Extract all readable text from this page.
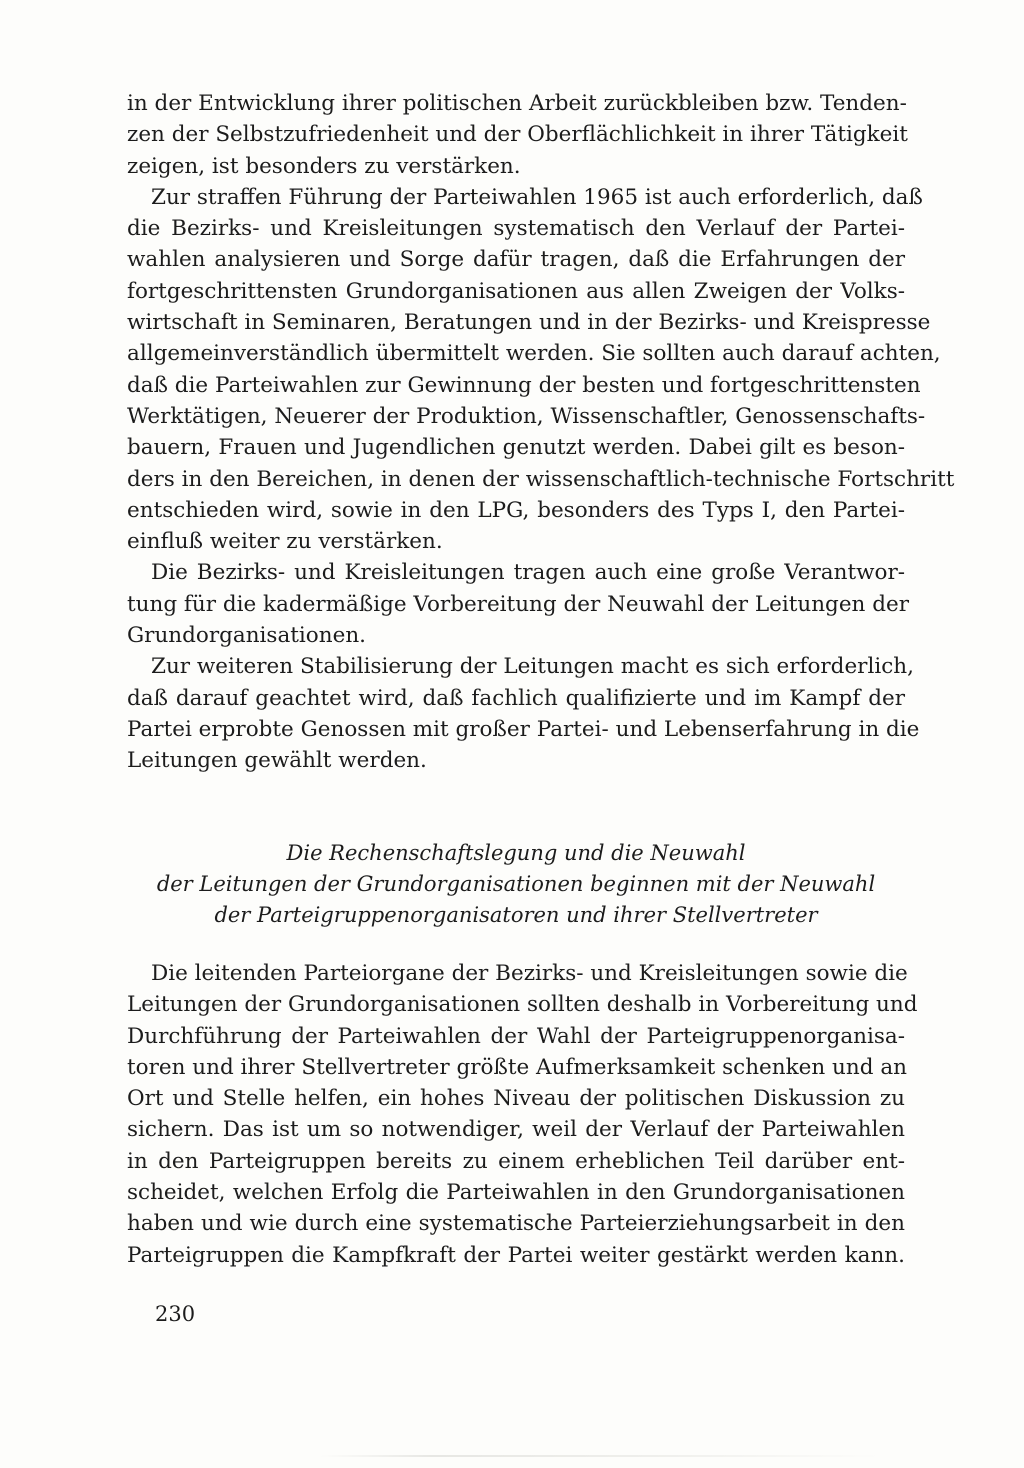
in der Entwicklung ihrer politischen Arbeit zurückbleiben bzw. Tenden-
zen der Selbstzufriedenheit und der Oberflächlichkeit in ihrer Tätigkeit
zeigen, ist besonders zu verstärken.

Zur straffen Führung der Parteiwahlen 1965 ist auch erforderlich, daß
die Bezirks- und Kreisleitungen systematisch den Verlauf der Partei-
wahlen analysieren und Sorge dafür tragen, daß die Erfahrungen der
fortgeschrittensten Grundorganisationen aus allen Zweigen der Volks-
wirtschaft in Seminaren, Beratungen und in der Bezirks- und Kreispresse
allgemeinverständlich übermittelt werden. Sie sollten auch darauf achten,
daß die Parteiwahlen zur Gewinnung der besten und fortgeschrittensten
Werktätigen, Neuerer der Produktion, Wissenschaftler, Genossenschafts-
bauern, Frauen und Jugendlichen genutzt werden. Dabei gilt es beson-
ders in den Bereichen, in denen der wissenschaftlich-technische Fortschritt
entschieden wird, sowie in den LPG, besonders des Typs I, den Partei-
einfluß weiter zu verstärken.

Die Bezirks- und Kreisleitungen tragen auch eine große Verantwor-
tung für die kadermäßige Vorbereitung der Neuwahl der Leitungen der
Grundorganisationen.

Zur weiteren Stabilisierung der Leitungen macht es sich erforderlich,
daß darauf geachtet wird, daß fachlich qualifizierte und im Kampf der
Partei erprobte Genossen mit großer Partei- und Lebenserfahrung in die
Leitungen gewählt werden.

Die Rechenschaftslegung und die Neuwahl
der Leitungen der Grundorganisationen beginnen mit der Neuwahl
der Parteigruppenorganisatoren und ihrer Stellvertreter

Die leitenden Parteiorgane der Bezirks- und Kreisleitungen sowie die
Leitungen der Grundorganisationen sollten deshalb in Vorbereitung und
Durchführung der Parteiwahlen der Wahl der Parteigruppenorganisa-
toren und ihrer Stellvertreter größte Aufmerksamkeit schenken und an
Ort und Stelle helfen, ein hohes Niveau der politischen Diskussion zu
sichern. Das ist um so notwendiger, weil der Verlauf der Parteiwahlen
in den Parteigruppen bereits zu einem erheblichen Teil darüber ent-
scheidet, welchen Erfolg die Parteiwahlen in den Grundorganisationen
haben und wie durch eine systematische Parteierziehungsarbeit in den
Parteigruppen die Kampfkraft der Partei weiter gestärkt werden kann.

230
